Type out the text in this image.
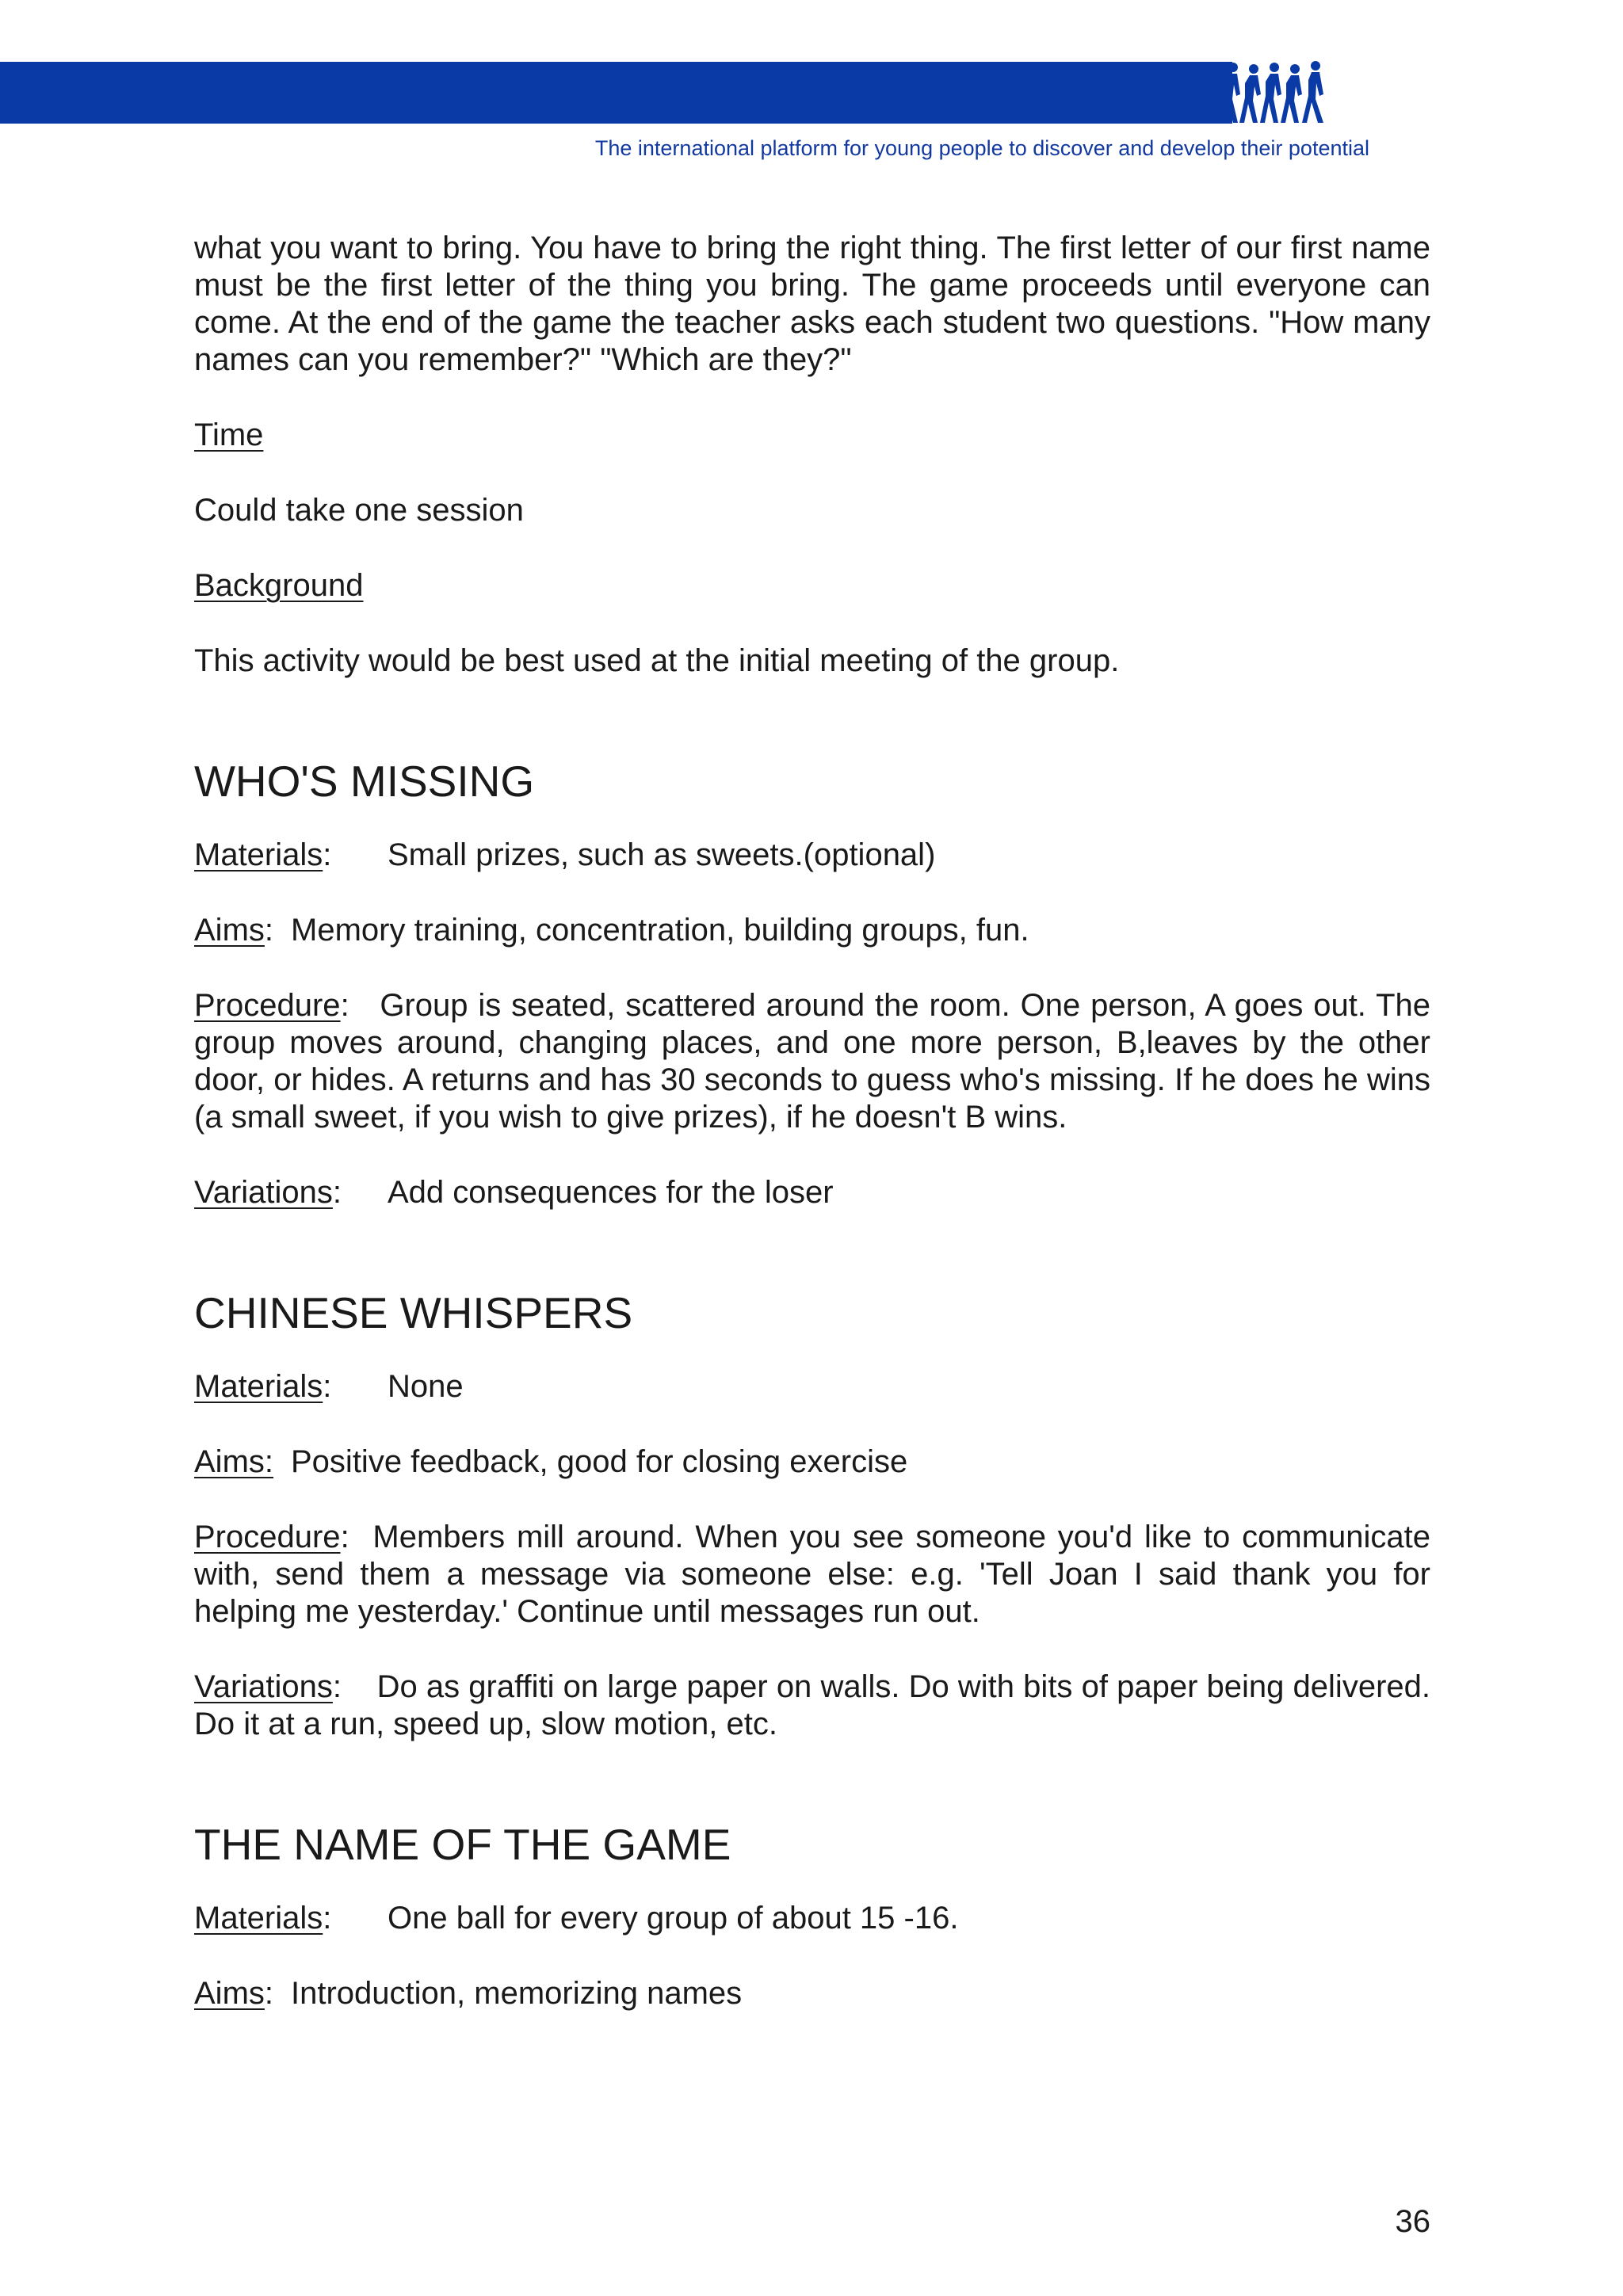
AIESEC
The international platform for young people to discover and develop their potential

what you want to bring. You have to bring the right thing. The first letter of our first name must be the first letter of the thing you bring. The game proceeds until everyone can come. At the end of the game the teacher asks each student two questions. "How many names can you remember?" "Which are they?"

Time

Could take one session

Background

This activity would be best used at the initial meeting of the group.

WHO'S MISSING
Materials:	Small prizes, such as sweets.(optional)
Aims: Memory training, concentration, building groups, fun.

Procedure:   Group is seated, scattered around the room. One person, A goes out. The group moves around, changing places, and one more person, B,leaves by the other door, or hides. A returns and has 30 seconds to guess who's missing. If he does he wins (a small sweet, if you wish to give prizes), if he doesn't B wins.

Variations:	Add consequences for the loser
CHINESE WHISPERS
Materials:	None
Aims: Positive feedback, good for closing exercise

Procedure:  Members mill around. When you see someone you'd like to communicate with, send them a message via someone else: e.g. 'Tell Joan I said thank you for helping me yesterday.' Continue until messages run out.

Variations:    Do as graffiti on large paper on walls. Do with bits of paper being delivered. Do it at a run, speed up, slow motion, etc.

THE NAME OF THE GAME
Materials:	One ball for every group of about 15 -16.
Aims: Introduction, memorizing names
36
